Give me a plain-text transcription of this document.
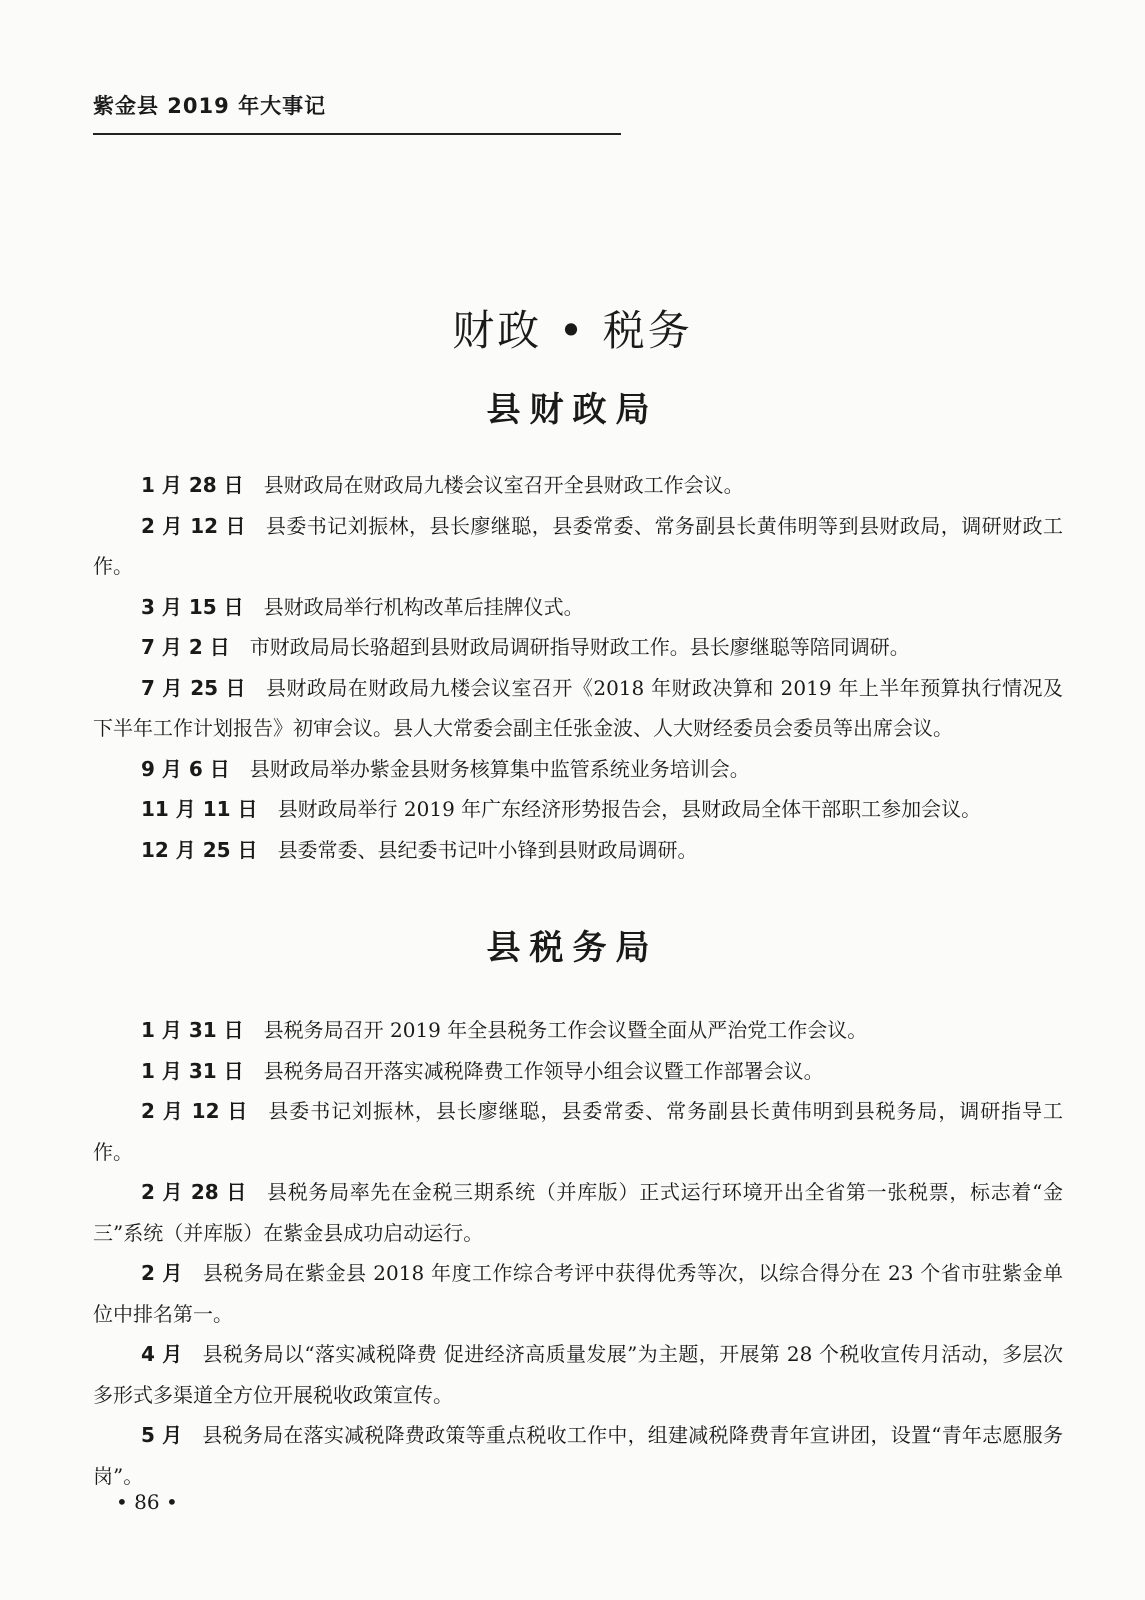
紫金县 2019 年大事记
财政 • 税务
县财政局

1 月 28 日 县财政局在财政局九楼会议室召开全县财政工作会议。

2 月 12 日 县委书记刘振林，县长廖继聪，县委常委、常务副县长黄伟明等到县财政局，调研财政工作。

3 月 15 日 县财政局举行机构改革后挂牌仪式。

7 月 2 日 市财政局局长骆超到县财政局调研指导财政工作。县长廖继聪等陪同调研。

7 月 25 日 县财政局在财政局九楼会议室召开《2018 年财政决算和 2019 年上半年预算执行情况及下半年工作计划报告》初审会议。县人大常委会副主任张金波、人大财经委员会委员等出席会议。

9 月 6 日 县财政局举办紫金县财务核算集中监管系统业务培训会。

11 月 11 日 县财政局举行 2019 年广东经济形势报告会，县财政局全体干部职工参加会议。

12 月 25 日 县委常委、县纪委书记叶小锋到县财政局调研。

县税务局

1 月 31 日 县税务局召开 2019 年全县税务工作会议暨全面从严治党工作会议。

1 月 31 日 县税务局召开落实减税降费工作领导小组会议暨工作部署会议。

2 月 12 日 县委书记刘振林，县长廖继聪，县委常委、常务副县长黄伟明到县税务局，调研指导工作。

2 月 28 日 县税务局率先在金税三期系统（并库版）正式运行环境开出全省第一张税票，标志着“金三”系统（并库版）在紫金县成功启动运行。

2 月 县税务局在紫金县 2018 年度工作综合考评中获得优秀等次，以综合得分在 23 个省市驻紫金单位中排名第一。

4 月 县税务局以“落实减税降费 促进经济高质量发展”为主题，开展第 28 个税收宣传月活动，多层次多形式多渠道全方位开展税收政策宣传。

5 月 县税务局在落实减税降费政策等重点税收工作中，组建减税降费青年宣讲团，设置“青年志愿服务岗”。

• 86 •
